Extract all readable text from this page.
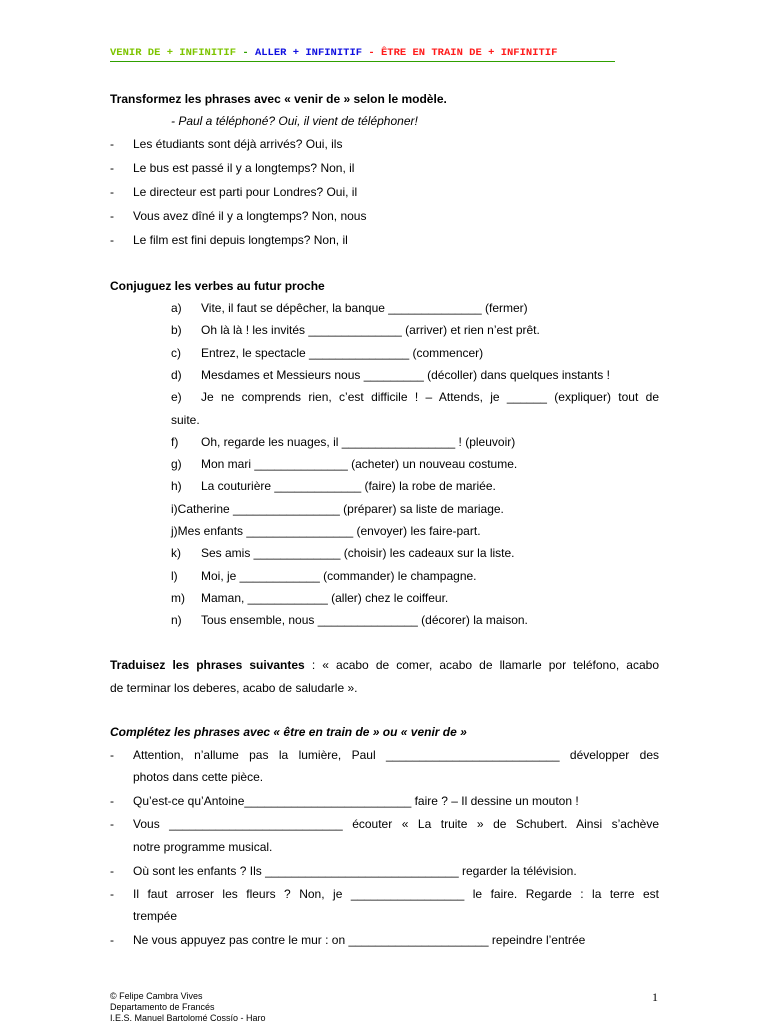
VENIR DE + INFINITIF - ALLER + INFINITIF - ÊTRE EN TRAIN DE + INFINITIF
Transformez les phrases avec « venir de » selon le modèle.
- Paul a téléphoné? Oui, il vient de téléphoner!
- Les étudiants sont déjà arrivés? Oui, ils
- Le bus est passé il y a longtemps? Non, il
- Le directeur est parti pour Londres? Oui, il
- Vous avez dîné il y a longtemps? Non, nous
- Le film est fini depuis longtemps? Non, il
Conjuguez les verbes au futur proche
a) Vite, il faut se dépêcher, la banque ______________ (fermer)
b) Oh là là ! les invités ______________ (arriver) et rien n’est prêt.
c) Entrez, le spectacle _______________ (commencer)
d) Mesdames et Messieurs nous _________ (décoller) dans quelques instants !
e) Je ne comprends rien, c’est difficile ! – Attends, je ______ (expliquer) tout de
suite.
f) Oh, regarde les nuages, il _________________ ! (pleuvoir)
g) Mon mari ______________ (acheter) un nouveau costume.
h) La couturière _____________ (faire) la robe de mariée.
i)Catherine ________________ (préparer) sa liste de mariage.
j)Mes enfants ________________ (envoyer) les faire-part.
k) Ses amis _____________ (choisir) les cadeaux sur la liste.
l) Moi, je ____________ (commander) le champagne.
m) Maman, ____________ (aller) chez le coiffeur.
n) Tous ensemble, nous _______________ (décorer) la maison.
Traduisez les phrases suivantes : « acabo de comer, acabo de llamarle por teléfono, acabo
de terminar los deberes, acabo de saludarle ».
Complétez les phrases avec « être en train de » ou « venir de »
- Attention, n’allume pas la lumière, Paul __________________________ développer des
photos dans cette pièce.
- Qu’est-ce qu’Antoine_________________________ faire ? – Il dessine un mouton !
- Vous __________________________ écouter « La truite » de Schubert. Ainsi s’achève
notre programme musical.
- Où sont les enfants ? Ils _____________________________ regarder la télévision.
- Il faut arroser les fleurs ? Non, je _________________ le faire. Regarde : la terre est
trempée
- Ne vous appuyez pas contre le mur : on _____________________ repeindre l’entrée
© Felipe Cambra Vives
Departamento de Francés
I.E.S. Manuel Bartolomé Cossío - Haro
1
